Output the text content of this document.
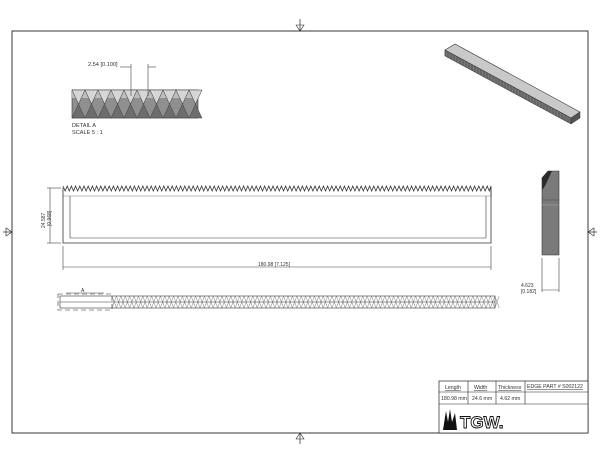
2.54 [0.100]
DETAIL A
SCALE 5 : 1
24.587 [0.968]
180.98 [7.125]
4.623
[0.182]
A
Length	Width Thickness
180.98 mm 24.6 mm 4.62 mm
EDGE PART # S002122
TGW.
